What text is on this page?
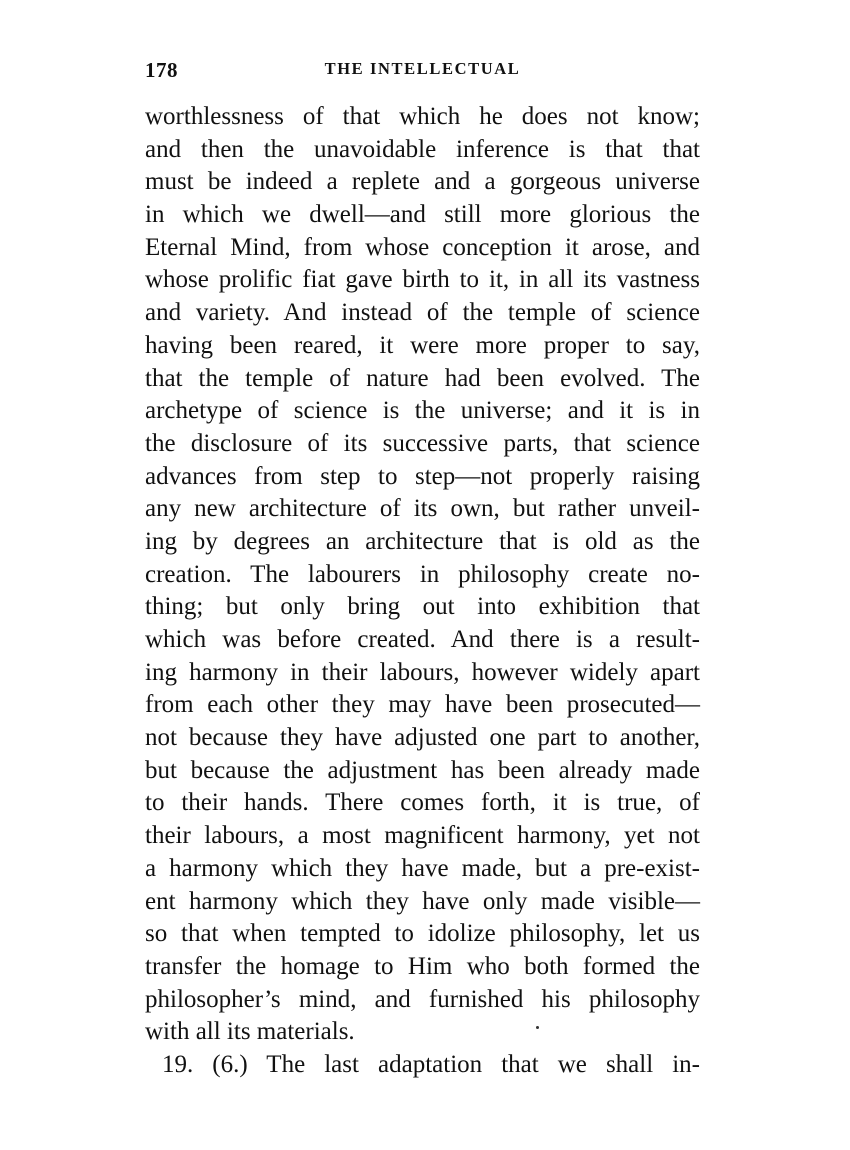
178	THE INTELLECTUAL
worthlessness of that which he does not know;
and then the unavoidable inference is that that
must be indeed a replete and a gorgeous universe
in which we dwell—and still more glorious the
Eternal Mind, from whose conception it arose, and
whose prolific fiat gave birth to it, in all its vastness
and variety. And instead of the temple of science
having been reared, it were more proper to say,
that the temple of nature had been evolved. The
archetype of science is the universe; and it is in
the disclosure of its successive parts, that science
advances from step to step—not properly raising
any new architecture of its own, but rather unveil-
ing by degrees an architecture that is old as the
creation. The labourers in philosophy create no-
thing; but only bring out into exhibition that
which was before created. And there is a result-
ing harmony in their labours, however widely apart
from each other they may have been prosecuted—
not because they have adjusted one part to another,
but because the adjustment has been already made
to their hands. There comes forth, it is true, of
their labours, a most magnificent harmony, yet not
a harmony which they have made, but a pre-exist-
ent harmony which they have only made visible—
so that when tempted to idolize philosophy, let us
transfer the homage to Him who both formed the
philosopher’s mind, and furnished his philosophy
with all its materials.
19. (6.) The last adaptation that we shall in-
